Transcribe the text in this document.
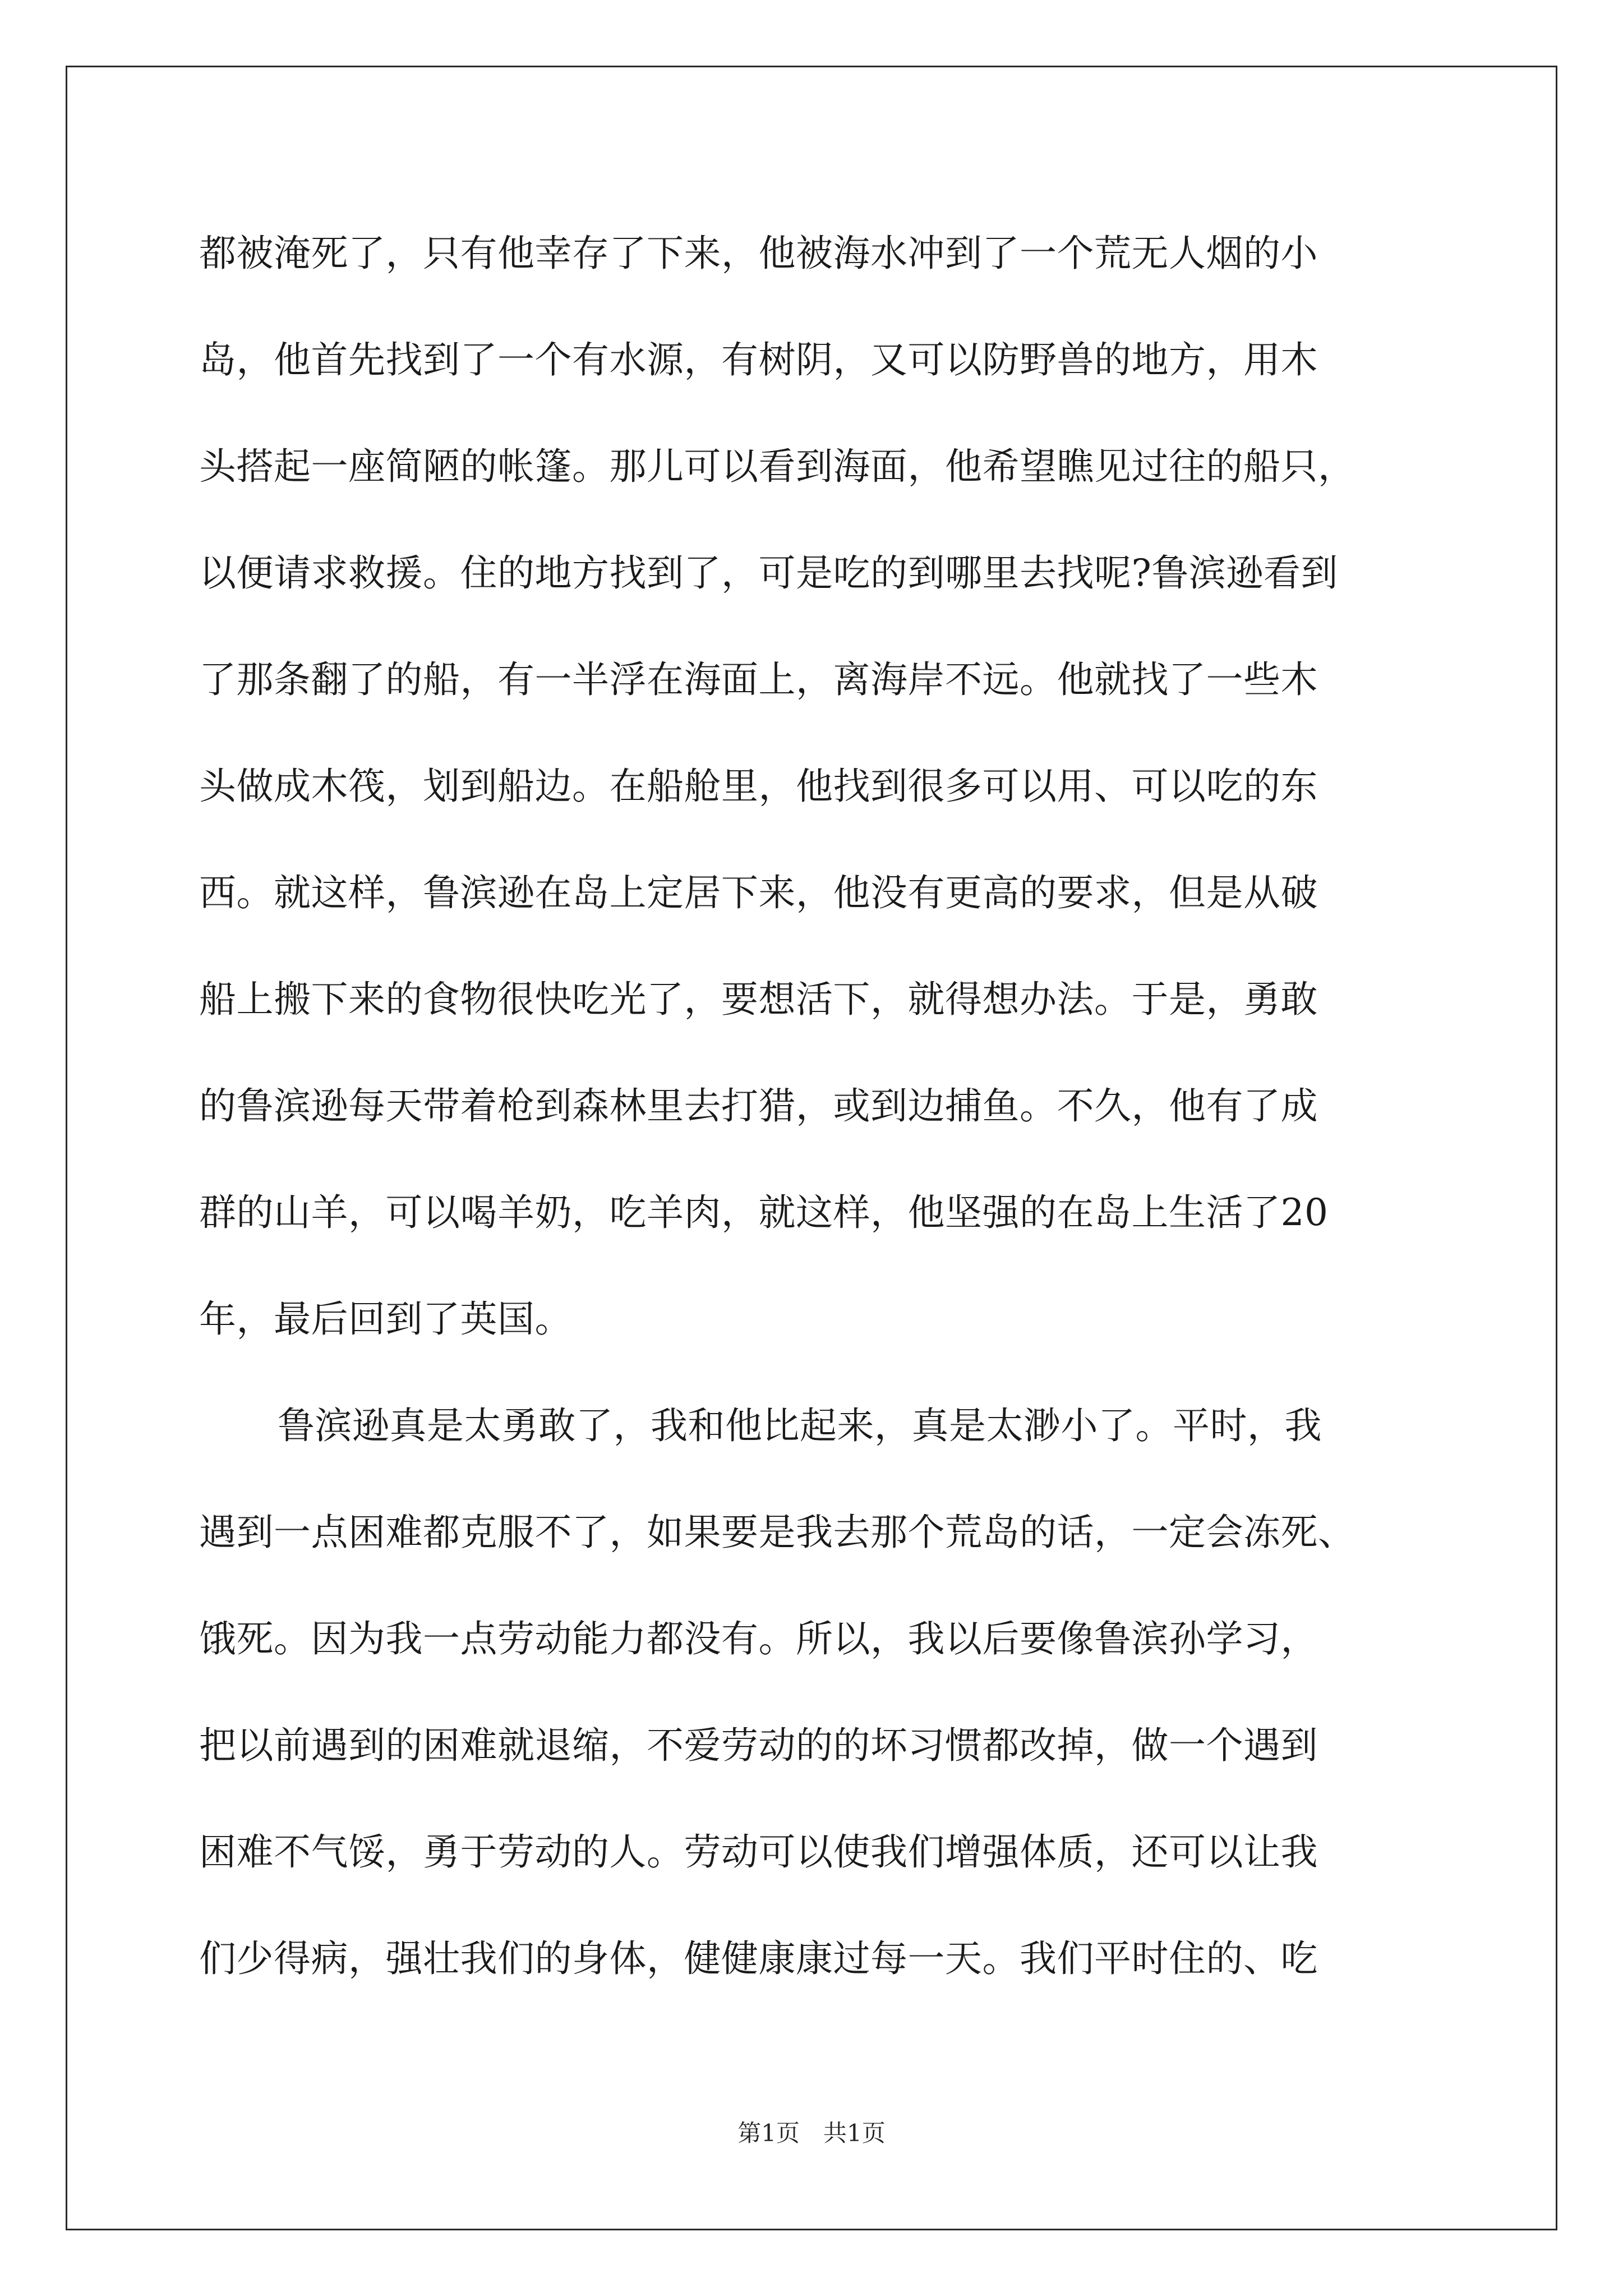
都被淹死了，只有他幸存了下来，他被海水冲到了一个荒无人烟的小
岛，他首先找到了一个有水源，有树阴，又可以防野兽的地方，用木
头搭起一座简陋的帐篷。那儿可以看到海面，他希望瞧见过往的船只，
以便请求救援。住的地方找到了，可是吃的到哪里去找呢?鲁滨逊看到
了那条翻了的船，有一半浮在海面上，离海岸不远。他就找了一些木
头做成木筏，划到船边。在船舱里，他找到很多可以用、可以吃的东
西。就这样，鲁滨逊在岛上定居下来，他没有更高的要求，但是从破
船上搬下来的食物很快吃光了，要想活下，就得想办法。于是，勇敢
的鲁滨逊每天带着枪到森林里去打猎，或到边捕鱼。不久，他有了成
群的山羊，可以喝羊奶，吃羊肉，就这样，他坚强的在岛上生活了20
年，最后回到了英国。
鲁滨逊真是太勇敢了，我和他比起来，真是太渺小了。平时，我
遇到一点困难都克服不了，如果要是我去那个荒岛的话，一定会冻死、
饿死。因为我一点劳动能力都没有。所以，我以后要像鲁滨孙学习，
把以前遇到的困难就退缩，不爱劳动的的坏习惯都改掉，做一个遇到
困难不气馁，勇于劳动的人。劳动可以使我们增强体质，还可以让我
们少得病，强壮我们的身体，健健康康过每一天。我们平时住的、吃
第1页　共1页
